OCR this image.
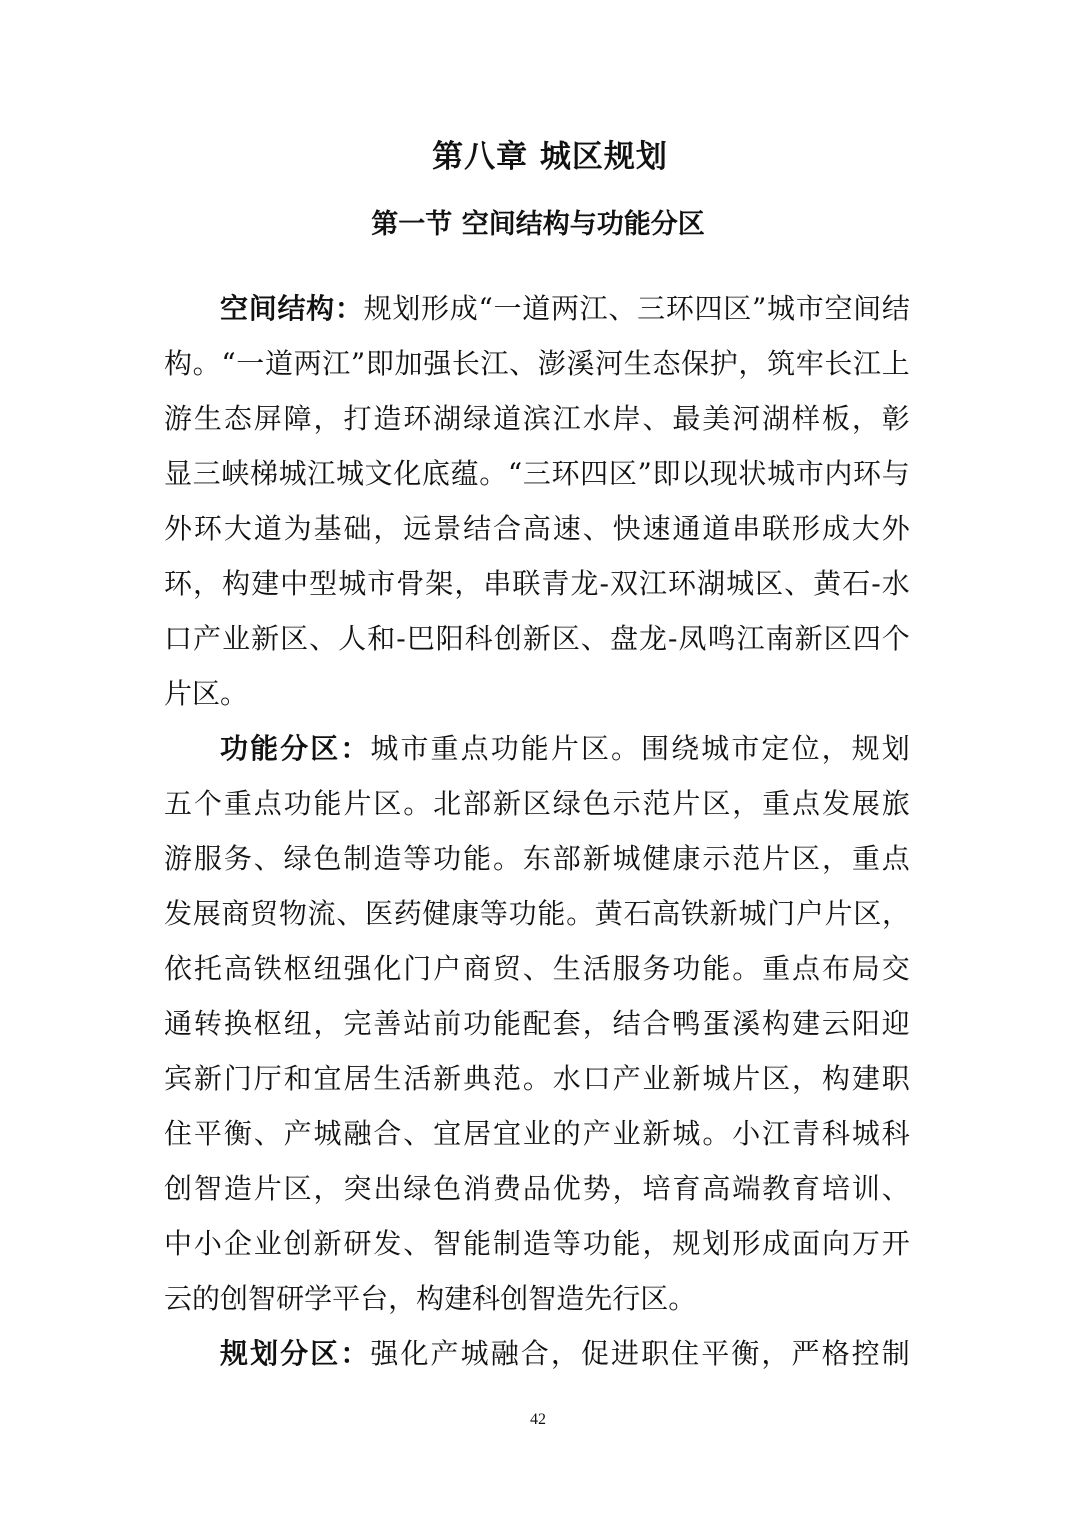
第八章 城区规划
第一节 空间结构与功能分区
空 间 结 构 ： 规 划 形 成 “ 一 道 两 江 、 三 环 四 区 ” 城 市 空 间 结
构 。 “ 一 道 两 江 ” 即 加 强 长 江 、 澎 溪 河 生 态 保 护 ， 筑 牢 长 江 上
游 生 态 屏 障 ， 打 造 环 湖 绿 道 滨 江 水 岸 、 最 美 河 湖 样 板 ， 彰
显 三 峡 梯 城 江 城 文 化 底 蕴 。 “ 三 环 四 区 ” 即 以 现 状 城 市 内 环 与
外 环 大 道 为 基 础 ， 远 景 结 合 高 速 、 快 速 通 道 串 联 形 成 大 外
环 ， 构 建 中 型 城 市 骨 架 ， 串 联 青 龙 - 双 江 环 湖 城 区 、 黄 石 - 水
口 产 业 新 区 、 人 和 - 巴 阳 科 创 新 区 、 盘 龙 - 凤 鸣 江 南 新 区 四 个
片 区 。
功 能 分 区 ： 城 市 重 点 功 能 片 区 。 围 绕 城 市 定 位 ， 规 划
五 个 重 点 功 能 片 区 。 北 部 新 区 绿 色 示 范 片 区 ， 重 点 发 展 旅
游 服 务 、 绿 色 制 造 等 功 能 。 东 部 新 城 健 康 示 范 片 区 ， 重 点
发 展 商 贸 物 流 、 医 药 健 康 等 功 能 。 黄 石 高 铁 新 城 门 户 片 区 ，
依 托 高 铁 枢 纽 强 化 门 户 商 贸 、 生 活 服 务 功 能 。 重 点 布 局 交
通 转 换 枢 纽 ， 完 善 站 前 功 能 配 套 ， 结 合 鸭 蛋 溪 构 建 云 阳 迎
宾 新 门 厅 和 宜 居 生 活 新 典 范 。 水 口 产 业 新 城 片 区 ， 构 建 职
住 平 衡 、 产 城 融 合 、 宜 居 宜 业 的 产 业 新 城 。 小 江 青 科 城 科
创 智 造 片 区 ， 突 出 绿 色 消 费 品 优 势 ， 培 育 高 端 教 育 培 训 、
中 小 企 业 创 新 研 发 、 智 能 制 造 等 功 能 ， 规 划 形 成 面 向 万 开
云 的 创 智 研 学 平 台 ， 构 建 科 创 智 造 先 行 区 。
规 划 分 区 ： 强 化 产 城 融 合 ， 促 进 职 住 平 衡 ， 严 格 控 制
42
